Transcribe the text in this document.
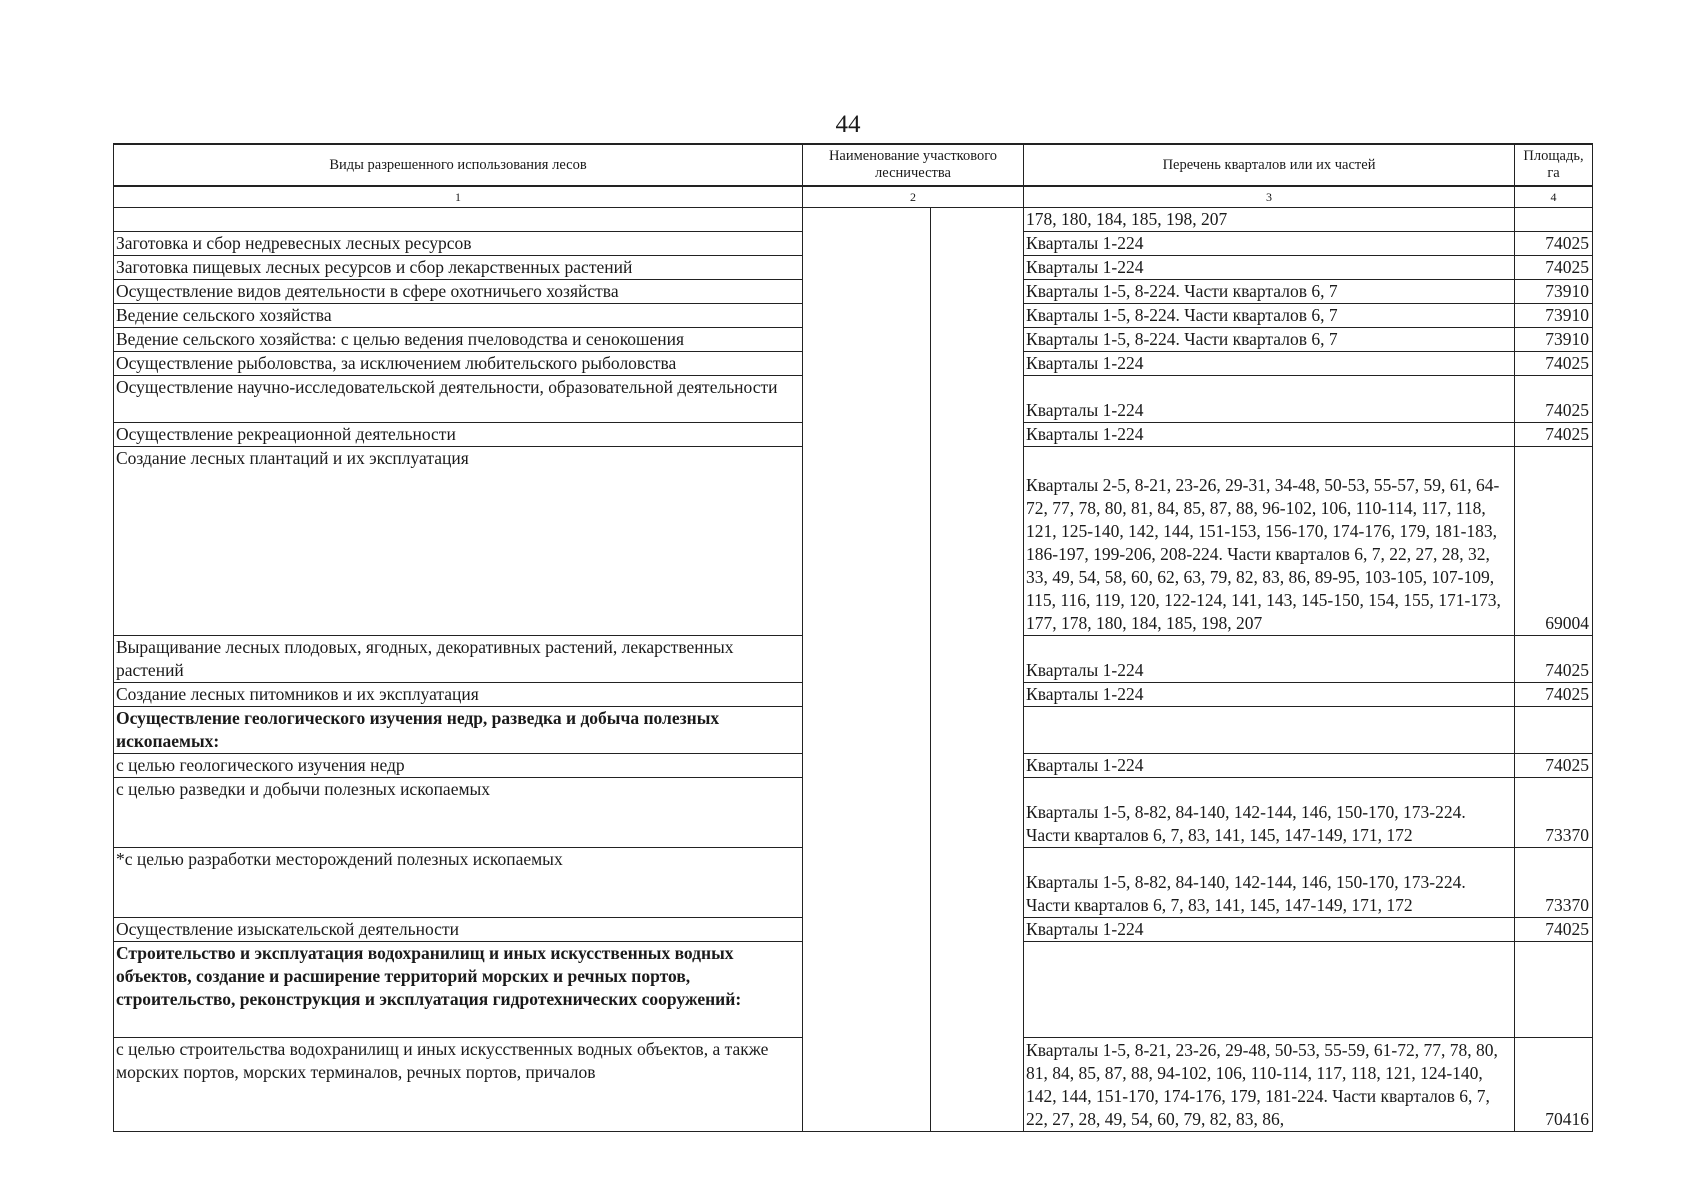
44
Виды разрешенного использования лесов	Наименование участкового лесничества		Перечень кварталов или их частей	Площадь, га
1	2		3	4
			178, 180, 184, 185, 198, 207	
Заготовка и сбор недревесных лесных ресурсов			Кварталы 1-224	74025
Заготовка пищевых лесных ресурсов и сбор лекарственных растений			Кварталы 1-224	74025
Осуществление видов деятельности в сфере охотничьего хозяйства			Кварталы 1-5, 8-224. Части кварталов 6, 7	73910
Ведение сельского хозяйства			Кварталы 1-5, 8-224. Части кварталов 6, 7	73910
Ведение сельского хозяйства: с целью ведения пчеловодства и сенокошения			Кварталы 1-5, 8-224. Части кварталов 6, 7	73910
Осуществление рыболовства, за исключением любительского рыболовства			Кварталы 1-224	74025
Осуществление научно-исследовательской деятельности, образовательной деятельности			Кварталы 1-224	74025
Осуществление рекреационной деятельности			Кварталы 1-224	74025
Создание лесных плантаций и их эксплуатация			Кварталы 2-5, 8-21, 23-26, 29-31, 34-48, 50-53, 55-57, 59, 61, 64-72, 77, 78, 80, 81, 84, 85, 87, 88, 96-102, 106, 110-114, 117, 118, 121, 125-140, 142, 144, 151-153, 156-170, 174-176, 179, 181-183, 186-197, 199-206, 208-224. Части кварталов 6, 7, 22, 27, 28, 32, 33, 49, 54, 58, 60, 62, 63, 79, 82, 83, 86, 89-95, 103-105, 107-109, 115, 116, 119, 120, 122-124, 141, 143, 145-150, 154, 155, 171-173, 177, 178, 180, 184, 185, 198, 207	69004
Выращивание лесных плодовых, ягодных, декоративных растений, лекарственных растений			Кварталы 1-224	74025
Создание лесных питомников и их эксплуатация			Кварталы 1-224	74025
Осуществление геологического изучения недр, разведка и добыча полезных ископаемых:				
с целью геологического изучения недр			Кварталы 1-224	74025
с целью разведки и добычи полезных ископаемых			Кварталы 1-5, 8-82, 84-140, 142-144, 146, 150-170, 173-224. Части кварталов 6, 7, 83, 141, 145, 147-149, 171, 172	73370
*с целью разработки месторождений полезных ископаемых			Кварталы 1-5, 8-82, 84-140, 142-144, 146, 150-170, 173-224. Части кварталов 6, 7, 83, 141, 145, 147-149, 171, 172	73370
Осуществление изыскательской деятельности			Кварталы 1-224	74025
Строительство и эксплуатация водохранилищ и иных искусственных водных объектов, создание и расширение территорий морских и речных портов, строительство, реконструкция и эксплуатация гидротехнических сооружений:				
с целью строительства водохранилищ и иных искусственных водных объектов, а также морских портов, морских терминалов, речных портов, причалов			Кварталы 1-5, 8-21, 23-26, 29-48, 50-53, 55-59, 61-72, 77, 78, 80, 81, 84, 85, 87, 88, 94-102, 106, 110-114, 117, 118, 121, 124-140, 142, 144, 151-170, 174-176, 179, 181-224. Части кварталов 6, 7, 22, 27, 28, 49, 54, 60, 79, 82, 83, 86,	70416
